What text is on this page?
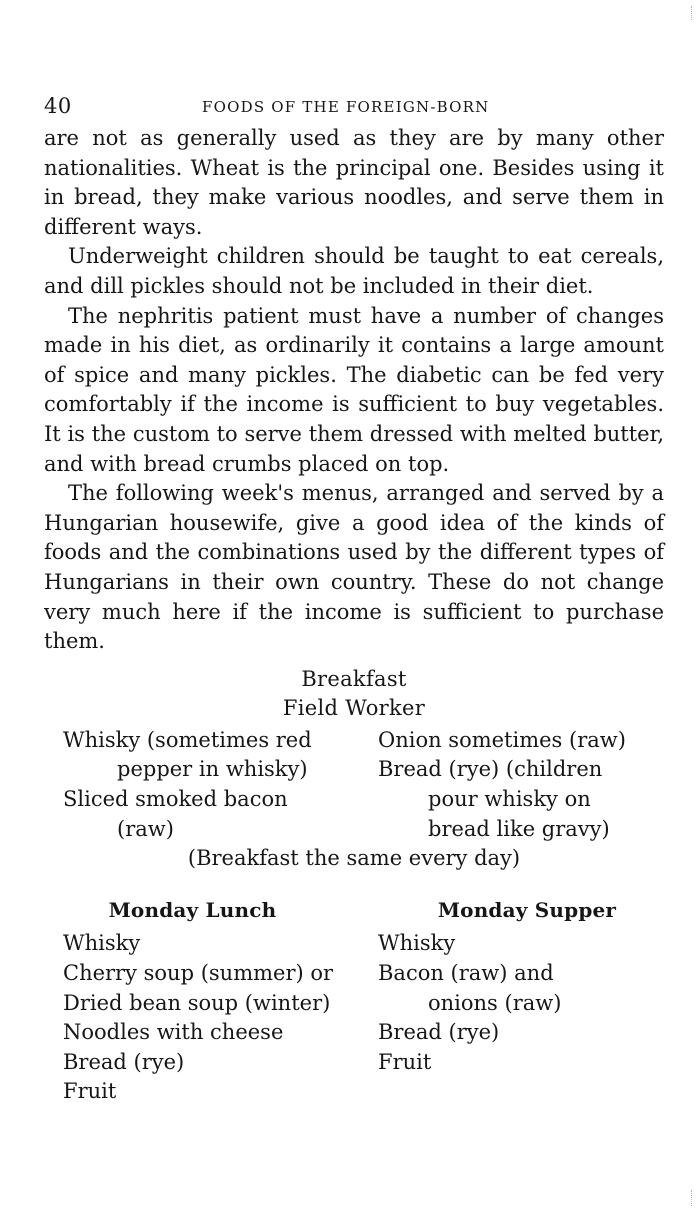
40	FOODS OF THE FOREIGN-BORN

are not as generally used as they are by many other nationalities. Wheat is the principal one. Besides using it in bread, they make various noodles, and serve them in different ways.

Underweight children should be taught to eat cereals, and dill pickles should not be included in their diet.

The nephritis patient must have a number of changes made in his diet, as ordinarily it contains a large amount of spice and many pickles. The diabetic can be fed very comfortably if the income is sufficient to buy vegetables. It is the custom to serve them dressed with melted butter, and with bread crumbs placed on top.

The following week's menus, arranged and served by a Hungarian housewife, give a good idea of the kinds of foods and the combinations used by the different types of Hungarians in their own country. These do not change very much here if the income is sufficient to purchase them.

Breakfast
Field Worker
Whisky (sometimes red
pepper in whisky)
Sliced smoked bacon
(raw)
Onion sometimes (raw)
Bread (rye) (children
pour whisky on
bread like gravy)
(Breakfast the same every day)
Monday Lunch
Whisky
Cherry soup (summer) or
Dried bean soup (winter)
Noodles with cheese
Bread (rye)
Fruit
Monday Supper
Whisky
Bacon (raw) and
onions (raw)
Bread (rye)
Fruit
